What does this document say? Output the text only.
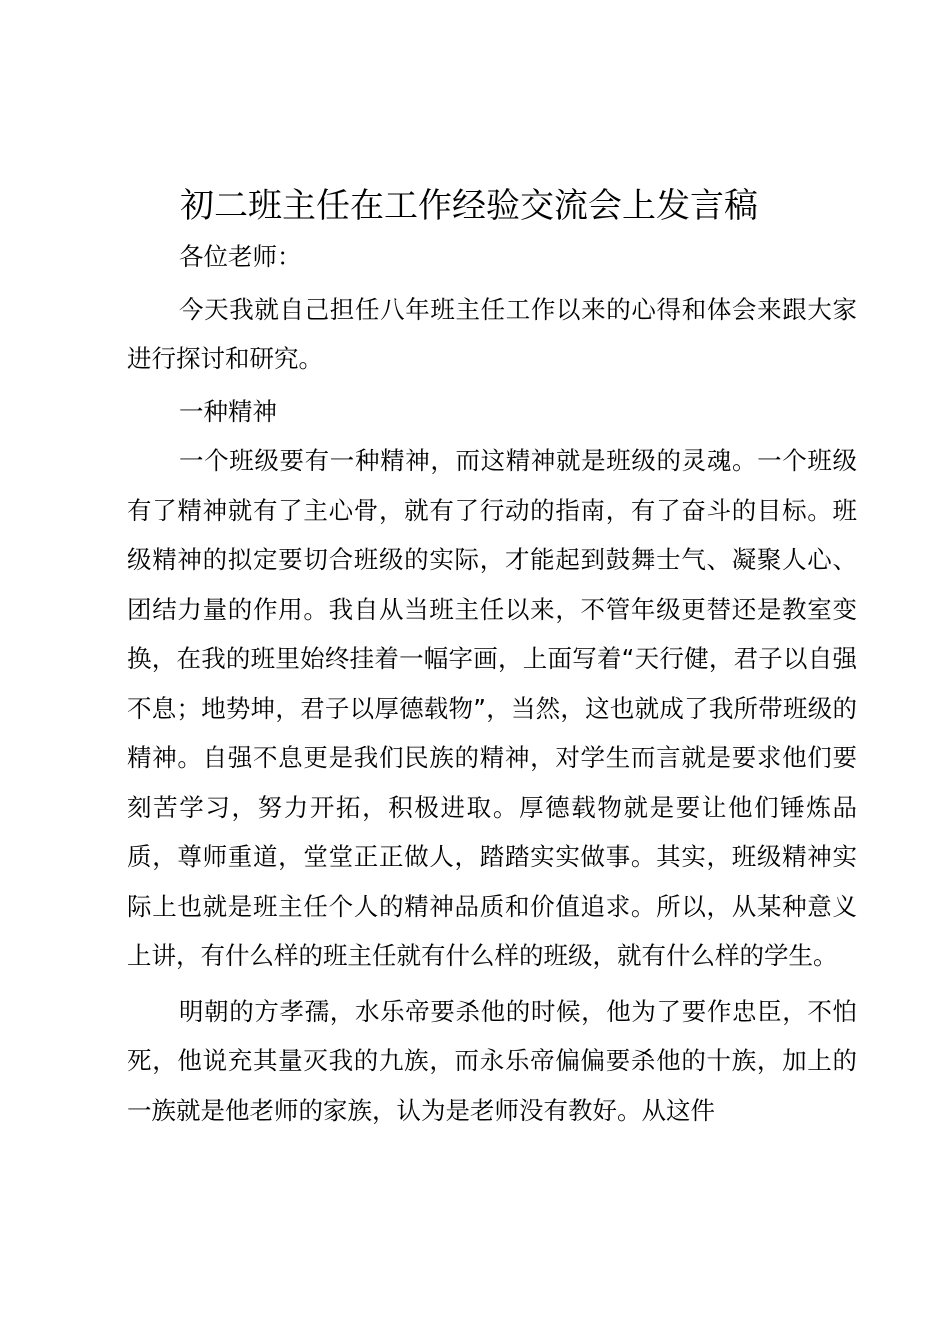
初二班主任在工作经验交流会上发言稿

各位老师：

今天我就自己担任八年班主任工作以来的心得和体会来跟大家进行探讨和研究。

一种精神

一个班级要有一种精神，而这精神就是班级的灵魂。一个班级有了精神就有了主心骨，就有了行动的指南，有了奋斗的目标。班级精神的拟定要切合班级的实际，才能起到鼓舞士气、凝聚人心、团结力量的作用。我自从当班主任以来，不管年级更替还是教室变换，在我的班里始终挂着一幅字画，上面写着“天行健，君子以自强不息；地势坤，君子以厚德载物”，当然，这也就成了我所带班级的精神。自强不息更是我们民族的精神，对学生而言就是要求他们要刻苦学习，努力开拓，积极进取。厚德载物就是要让他们锤炼品质，尊师重道，堂堂正正做人，踏踏实实做事。其实，班级精神实际上也就是班主任个人的精神品质和价值追求。所以，从某种意义上讲，有什么样的班主任就有什么样的班级，就有什么样的学生。

明朝的方孝孺，水乐帝要杀他的时候，他为了要作忠臣，不怕死，他说充其量灭我的九族，而永乐帝偏偏要杀他的十族，加上的一族就是他老师的家族，认为是老师没有教好。从这件
